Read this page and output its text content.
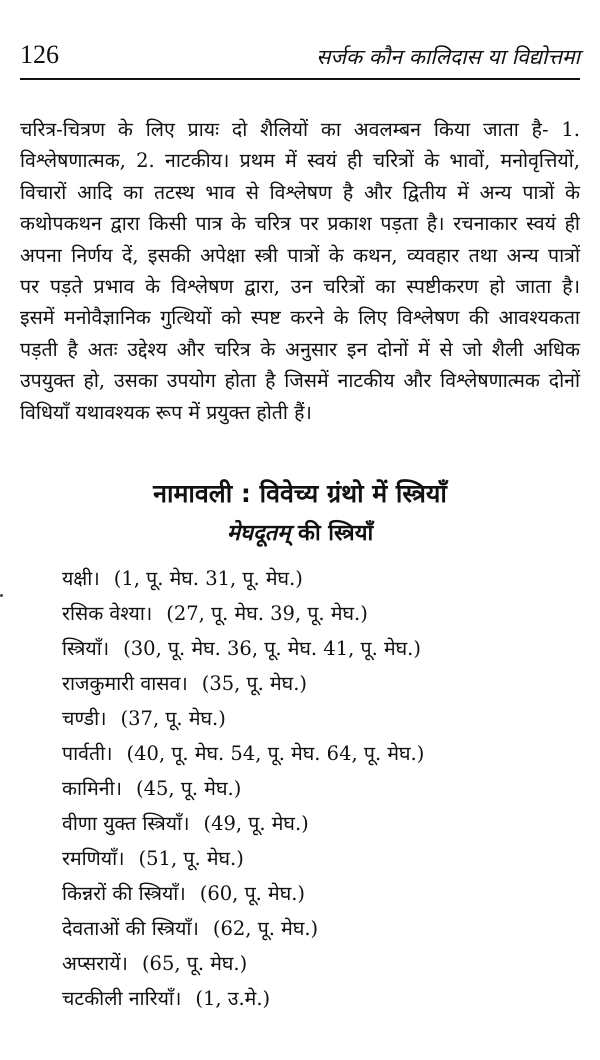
126	सर्जक कौन कालिदास या विद्योत्तमा
चरित्र-चित्रण के लिए प्रायः दो शैलियों का अवलम्बन किया जाता है- 1.
विश्लेषणात्मक, 2. नाटकीय। प्रथम में स्वयं ही चरित्रों के भावों, मनोवृत्तियों,
विचारों आदि का तटस्थ भाव से विश्लेषण है और द्वितीय में अन्य पात्रों के
कथोपकथन द्वारा किसी पात्र के चरित्र पर प्रकाश पड़ता है। रचनाकार स्वयं ही
अपना निर्णय दें, इसकी अपेक्षा स्त्री पात्रों के कथन, व्यवहार तथा अन्य पात्रों
पर पड़ते प्रभाव के विश्लेषण द्वारा, उन चरित्रों का स्पष्टीकरण हो जाता है।
इसमें मनोवैज्ञानिक गुत्थियों को स्पष्ट करने के लिए विश्लेषण की आवश्यकता
पड़ती है अतः उद्देश्य और चरित्र के अनुसार इन दोनों में से जो शैली अधिक
उपयुक्त हो, उसका उपयोग होता है जिसमें नाटकीय और विश्लेषणात्मक दोनों
विधियाँ यथावश्यक रूप में प्रयुक्त होती हैं।
नामावली : विवेच्य ग्रंथो में स्त्रियाँ
मेघदूतम् की स्त्रियाँ
यक्षी। (1, पू. मेघ. 31, पू. मेघ.)
रसिक वेश्या। (27, पू. मेघ. 39, पू. मेघ.)
स्त्रियाँ। (30, पू. मेघ. 36, पू. मेघ. 41, पू. मेघ.)
राजकुमारी वासव। (35, पू. मेघ.)
चण्डी। (37, पू. मेघ.)
पार्वती। (40, पू. मेघ. 54, पू. मेघ. 64, पू. मेघ.)
कामिनी। (45, पू. मेघ.)
वीणा युक्त स्त्रियाँ। (49, पू. मेघ.)
रमणियाँ। (51, पू. मेघ.)
किन्नरों की स्त्रियाँ। (60, पू. मेघ.)
देवताओं की स्त्रियाँ। (62, पू. मेघ.)
अप्सरायें। (65, पू. मेघ.)
चटकीली नारियाँ। (1, उ.मे.)
